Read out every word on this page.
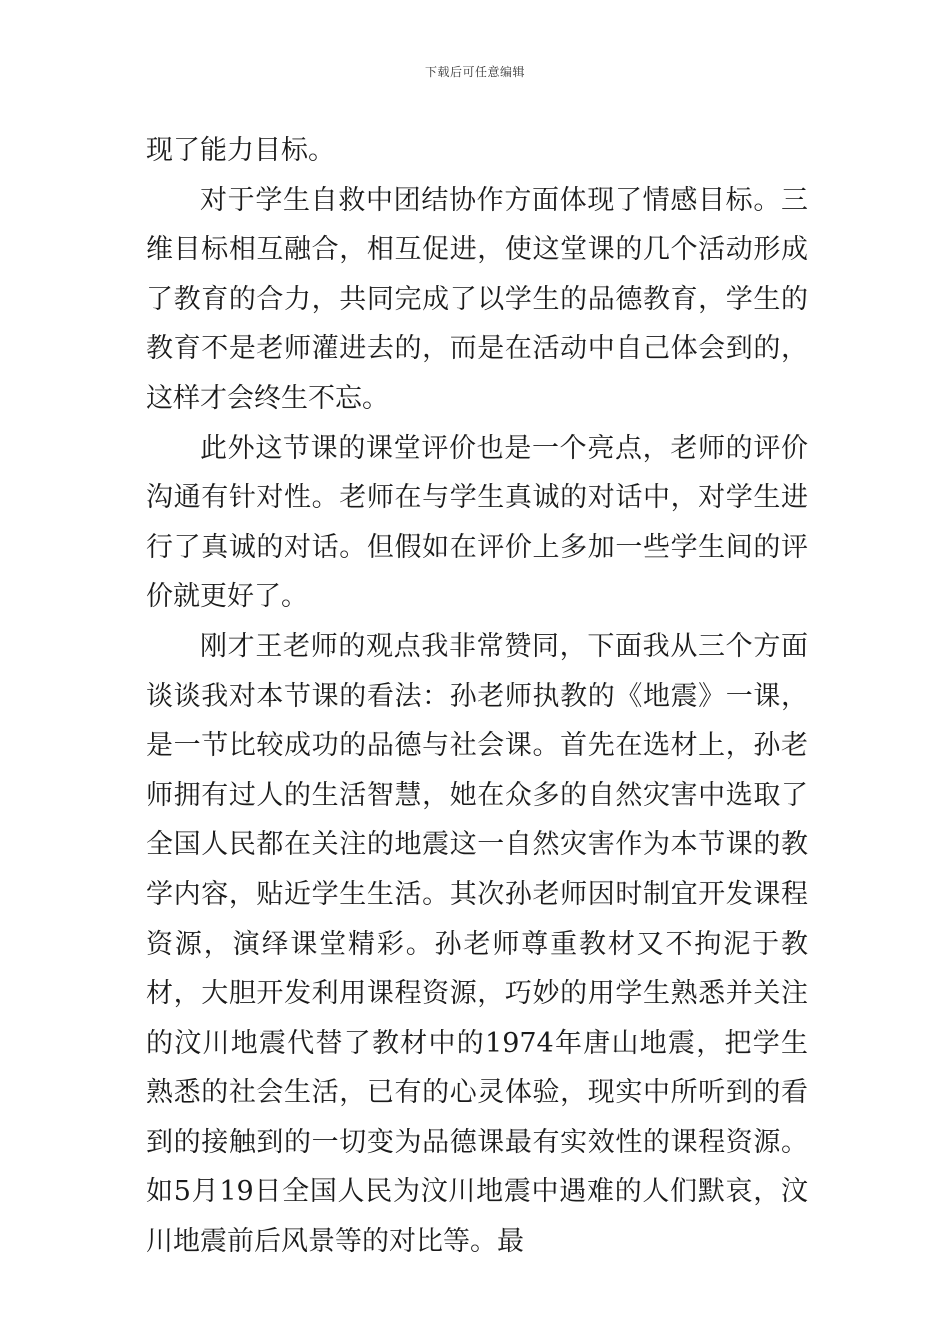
下载后可任意编辑

现了能力目标。

对于学生自救中团结协作方面体现了情感目标。三维目标相互融合，相互促进，使这堂课的几个活动形成了教育的合力，共同完成了以学生的品德教育，学生的教育不是老师灌进去的，而是在活动中自己体会到的，这样才会终生不忘。

此外这节课的课堂评价也是一个亮点，老师的评价沟通有针对性。老师在与学生真诚的对话中，对学生进行了真诚的对话。但假如在评价上多加一些学生间的评价就更好了。

刚才王老师的观点我非常赞同，下面我从三个方面谈谈我对本节课的看法：孙老师执教的《地震》一课，是一节比较成功的品德与社会课。首先在选材上，孙老师拥有过人的生活智慧，她在众多的自然灾害中选取了全国人民都在关注的地震这一自然灾害作为本节课的教学内容，贴近学生生活。其次孙老师因时制宜开发课程资源，演绎课堂精彩。孙老师尊重教材又不拘泥于教材，大胆开发利用课程资源，巧妙的用学生熟悉并关注的汶川地震代替了教材中的1974年唐山地震，把学生熟悉的社会生活，已有的心灵体验，现实中所听到的看到的接触到的一切变为品德课最有实效性的课程资源。如5月19日全国人民为汶川地震中遇难的人们默哀，汶川地震前后风景等的对比等。最
